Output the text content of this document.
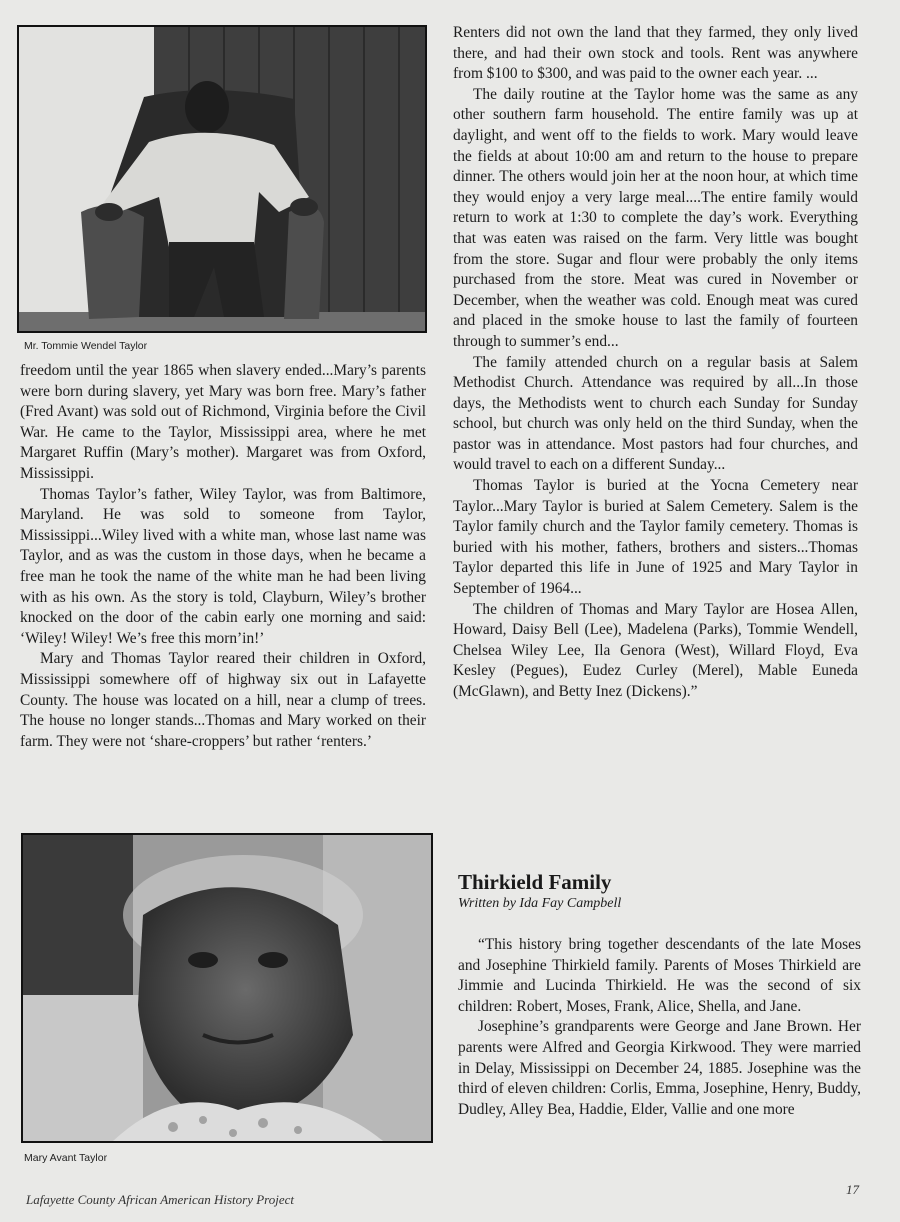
Mr. Tommie Wendel Taylor

freedom until the year 1865 when slavery ended...Mary’s parents were born during slavery, yet Mary was born free. Mary’s father (Fred Avant) was sold out of Richmond, Virginia before the Civil War. He came to the Taylor, Mississippi area, where he met Margaret Ruffin (Mary’s mother). Margaret was from Oxford, Mississippi.

Thomas Taylor’s father, Wiley Taylor, was from Baltimore, Maryland. He was sold to someone from Taylor, Mississippi...Wiley lived with a white man, whose last name was Taylor, and as was the custom in those days, when he became a free man he took the name of the white man he had been living with as his own. As the story is told, Clayburn, Wiley’s brother knocked on the door of the cabin early one morning and said: ‘Wiley! Wiley! We’s free this morn’in!’

Mary and Thomas Taylor reared their children in Oxford, Mississippi somewhere off of highway six out in Lafayette County. The house was located on a hill, near a clump of trees. The house no longer stands...Thomas and Mary worked on their farm. They were not ‘share-croppers’ but rather ‘renters.’

Mary Avant Taylor

Renters did not own the land that they farmed, they only lived there, and had their own stock and tools. Rent was anywhere from $100 to $300, and was paid to the owner each year. ...

The daily routine at the Taylor home was the same as any other southern farm household. The entire family was up at daylight, and went off to the fields to work. Mary would leave the fields at about 10:00 am and return to the house to prepare dinner. The others would join her at the noon hour, at which time they would enjoy a very large meal....The entire family would return to work at 1:30 to complete the day’s work. Everything that was eaten was raised on the farm. Very little was bought from the store. Sugar and flour were probably the only items purchased from the store. Meat was cured in November or December, when the weather was cold. Enough meat was cured and placed in the smoke house to last the family of fourteen through to summer’s end...

The family attended church on a regular basis at Salem Methodist Church. Attendance was required by all...In those days, the Methodists went to church each Sunday for Sunday school, but church was only held on the third Sunday, when the pastor was in attendance. Most pastors had four churches, and would travel to each on a different Sunday...

Thomas Taylor is buried at the Yocna Cemetery near Taylor...Mary Taylor is buried at Salem Cemetery. Salem is the Taylor family church and the Taylor family cemetery. Thomas is buried with his mother, fathers, brothers and sisters...Thomas Taylor departed this life in June of 1925 and Mary Taylor in September of 1964...

The children of Thomas and Mary Taylor are Hosea Allen, Howard, Daisy Bell (Lee), Madelena (Parks), Tommie Wendell, Chelsea Wiley Lee, Ila Genora (West), Willard Floyd, Eva Kesley (Pegues), Eudez Curley (Merel), Mable Euneda (McGlawn), and Betty Inez (Dickens).”

Thirkield Family
Written by Ida Fay Campbell

“This history bring together descendants of the late Moses and Josephine Thirkield family. Parents of Moses Thirkield are Jimmie and Lucinda Thirkield. He was the second of six children: Robert, Moses, Frank, Alice, Shella, and Jane.

Josephine’s grandparents were George and Jane Brown. Her parents were Alfred and Georgia Kirkwood. They were married in Delay, Mississippi on December 24, 1885. Josephine was the third of eleven children: Corlis, Emma, Josephine, Henry, Buddy, Dudley, Alley Bea, Haddie, Elder, Vallie and one more

Lafayette County African American History Project
17
